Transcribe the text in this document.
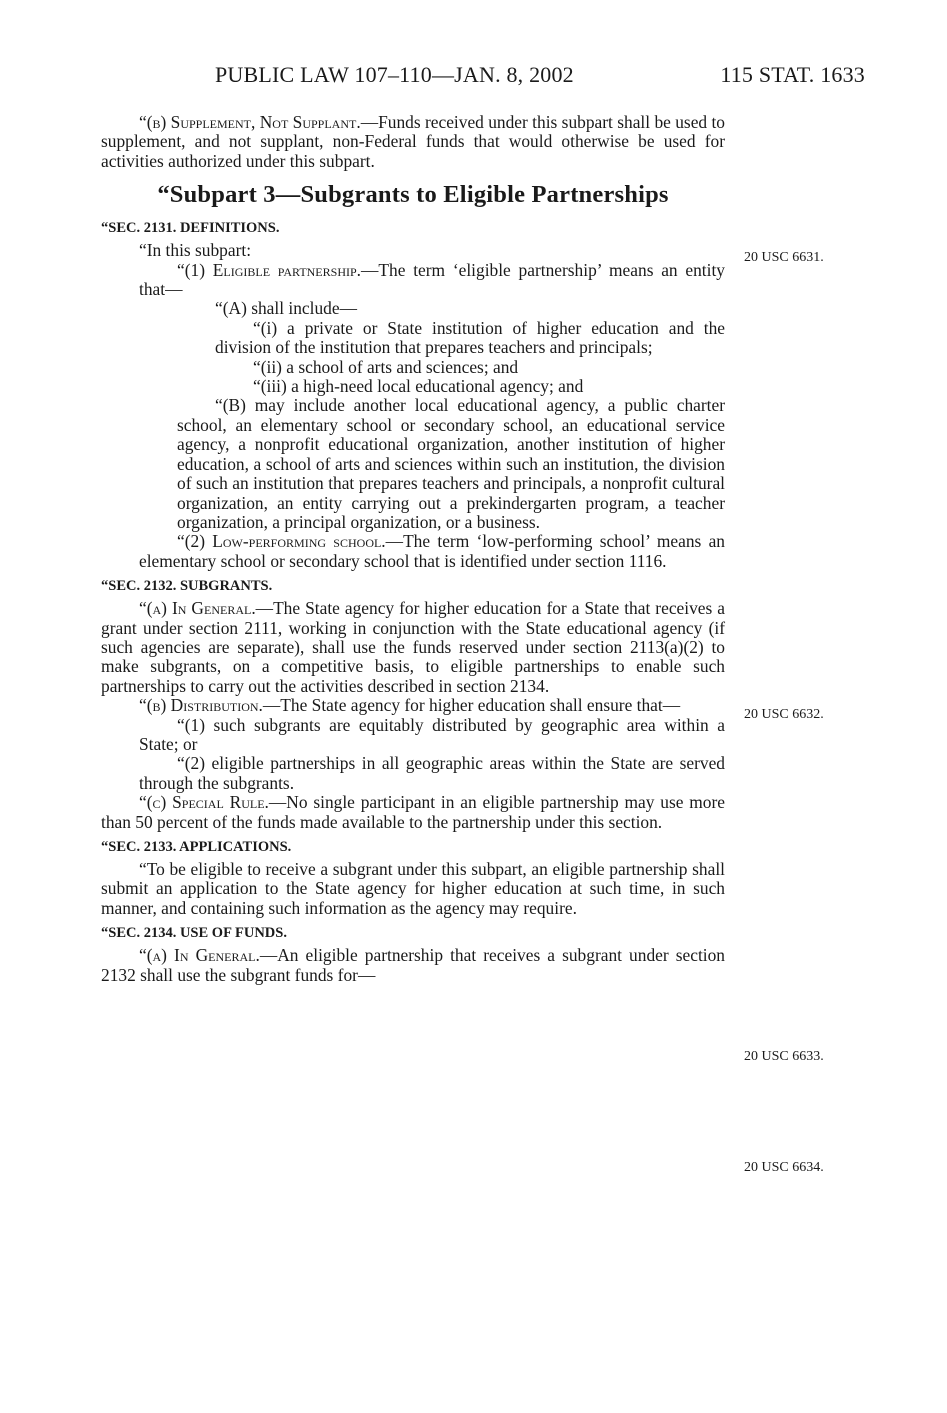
PUBLIC LAW 107–110—JAN. 8, 2002	115 STAT. 1633
20 USC 6631.
20 USC 6632.
20 USC 6633.
20 USC 6634.

“(b) Supplement, Not Supplant.—Funds received under this subpart shall be used to supplement, and not supplant, non-Federal funds that would otherwise be used for activities authorized under this subpart.

“Subpart 3—Subgrants to Eligible Partnerships
“SEC. 2131. DEFINITIONS.

“In this subpart:

“(1) Eligible partnership.—The term ‘eligible partnership’ means an entity that—

“(A) shall include—

“(i) a private or State institution of higher education and the division of the institution that prepares teachers and principals;

“(ii) a school of arts and sciences; and

“(iii) a high-need local educational agency; and

“(B) may include another local educational agency, a public charter school, an elementary school or secondary school, an educational service agency, a nonprofit educational organization, another institution of higher education, a school of arts and sciences within such an institution, the division of such an institution that prepares teachers and principals, a nonprofit cultural organization, an entity carrying out a prekindergarten program, a teacher organization, a principal organization, or a business.

“(2) Low-performing school.—The term ‘low-performing school’ means an elementary school or secondary school that is identified under section 1116.

“SEC. 2132. SUBGRANTS.

“(a) In General.—The State agency for higher education for a State that receives a grant under section 2111, working in conjunction with the State educational agency (if such agencies are separate), shall use the funds reserved under section 2113(a)(2) to make subgrants, on a competitive basis, to eligible partnerships to enable such partnerships to carry out the activities described in section 2134.

“(b) Distribution.—The State agency for higher education shall ensure that—

“(1) such subgrants are equitably distributed by geographic area within a State; or

“(2) eligible partnerships in all geographic areas within the State are served through the subgrants.

“(c) Special Rule.—No single participant in an eligible partnership may use more than 50 percent of the funds made available to the partnership under this section.

“SEC. 2133. APPLICATIONS.

“To be eligible to receive a subgrant under this subpart, an eligible partnership shall submit an application to the State agency for higher education at such time, in such manner, and containing such information as the agency may require.

“SEC. 2134. USE OF FUNDS.

“(a) In General.—An eligible partnership that receives a subgrant under section 2132 shall use the subgrant funds for—
